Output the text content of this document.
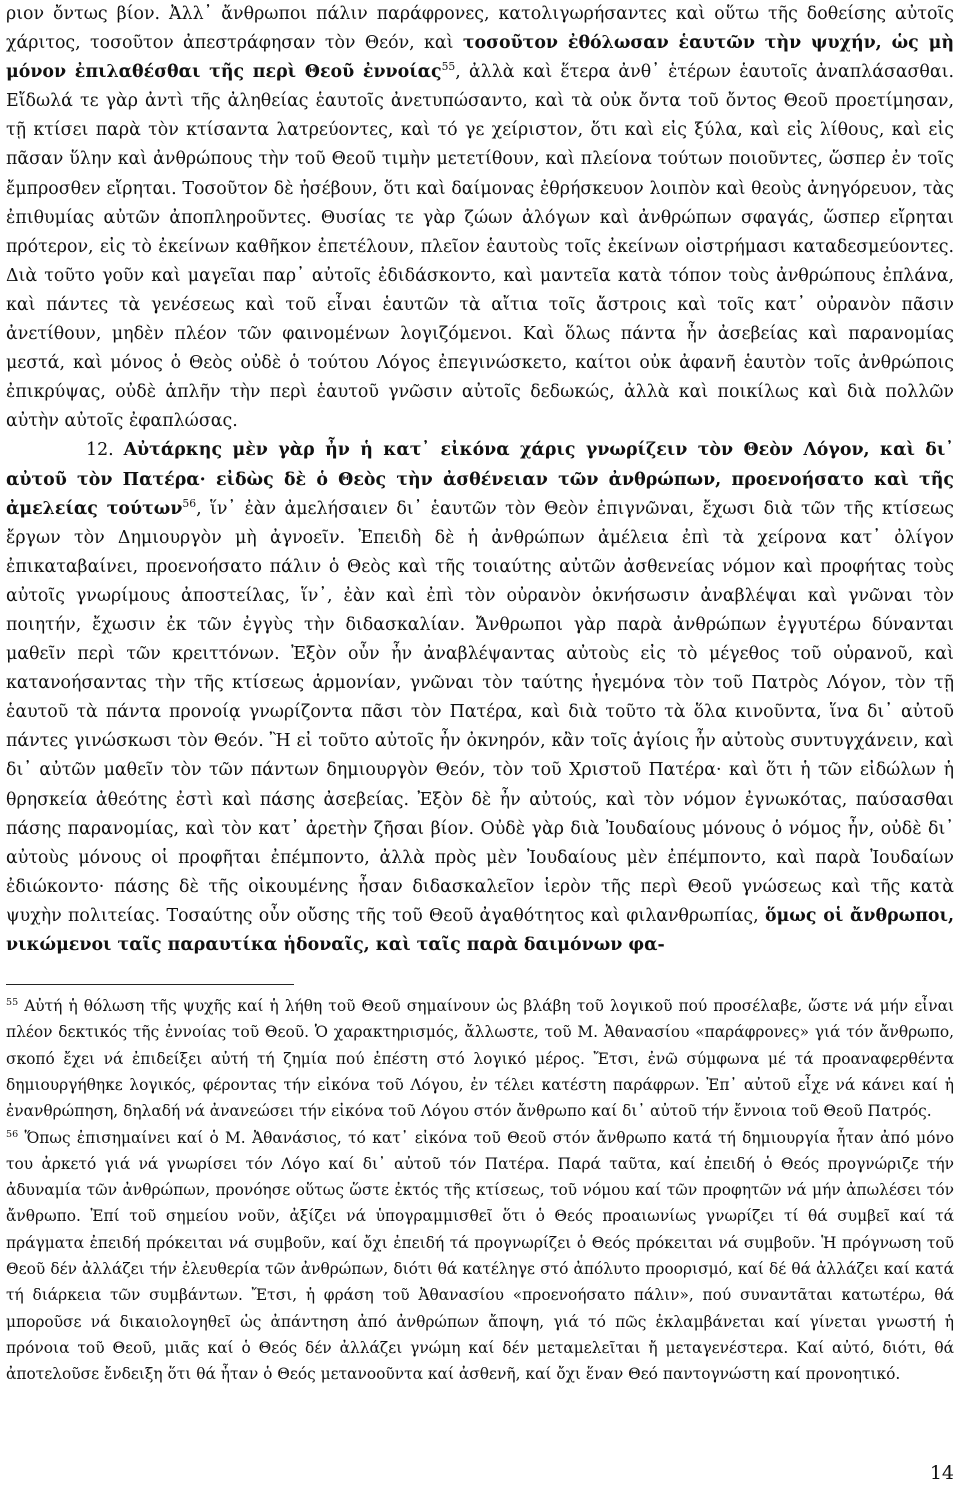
ριον ὄντως βίον. Ἀλλ᾿ ἄνθρωποι πάλιν παράφρονες, κατολιγωρήσαντες καὶ οὕτω τῆς δοθείσης αὐτοῖς χάριτος, τοσοῦτον ἀπεστράφησαν τὸν Θεόν, καὶ τοσοῦτον ἐθόλωσαν ἑαυτῶν τὴν ψυχήν, ὡς μὴ μόνον ἐπιλαθέσθαι τῆς περὶ Θεοῦ ἐννοίας$^{55}$, ἀλλὰ καὶ ἕτερα ἀνθ᾿ ἑτέρων ἑαυτοῖς ἀναπλάσασθαι. Εἴδωλά τε γὰρ ἀντὶ τῆς ἀληθείας ἑαυτοῖς ἀνετυπώσαντο, καὶ τὰ οὐκ ὄντα τοῦ ὄντος Θεοῦ προετίμησαν, τῇ κτίσει παρὰ τὸν κτίσαντα λατρεύοντες, καὶ τό γε χείριστον, ὅτι καὶ εἰς ξύλα, καὶ εἰς λίθους, καὶ εἰς πᾶσαν ὕλην καὶ ἀνθρώπους τὴν τοῦ Θεοῦ τιμὴν μετετίθουν, καὶ πλείονα τούτων ποιοῦντες, ὥσπερ ἐν τοῖς ἔμπροσθεν εἴρηται. Τοσοῦτον δὲ ἠσέβουν, ὅτι καὶ δαίμονας ἐθρήσκευον λοιπὸν καὶ θεοὺς ἀνηγόρευον, τὰς ἐπιθυμίας αὐτῶν ἀποπληροῦντες. Θυσίας τε γὰρ ζώων ἀλόγων καὶ ἀνθρώπων σφαγάς, ὥσπερ εἴρηται πρότερον, εἰς τὸ ἐκείνων καθῆκον ἐπετέλουν, πλεῖον ἑαυτοὺς τοῖς ἐκείνων οἰστρήμασι καταδεσμεύοντες. Διὰ τοῦτο γοῦν καὶ μαγεῖαι παρ᾿ αὐτοῖς ἐδιδάσκοντο, καὶ μαντεῖα κατὰ τόπον τοὺς ἀνθρώπους ἐπλάνα, καὶ πάντες τὰ γενέσεως καὶ τοῦ εἶναι ἑαυτῶν τὰ αἴτια τοῖς ἄστροις καὶ τοῖς κατ᾿ οὐρανὸν πᾶσιν ἀνετίθουν, μηδὲν πλέον τῶν φαινομένων λογιζόμενοι. Καὶ ὅλως πάντα ἦν ἀσεβείας καὶ παρανομίας μεστά, καὶ μόνος ὁ Θεὸς οὐδὲ ὁ τούτου Λόγος ἐπεγινώσκετο, καίτοι οὐκ ἀφανῆ ἑαυτὸν τοῖς ἀνθρώποις ἐπικρύψας, οὐδὲ ἁπλῆν τὴν περὶ ἑαυτοῦ γνῶσιν αὐτοῖς δεδωκώς, ἀλλὰ καὶ ποικίλως καὶ διὰ πολλῶν αὐτὴν αὐτοῖς ἐφαπλώσας.

12. Αὐτάρκης μὲν γὰρ ἦν ἡ κατ᾿ εἰκόνα χάρις γνωρίζειν τὸν Θεὸν Λόγον, καὶ δι᾿ αὐτοῦ τὸν Πατέρα· εἰδὼς δὲ ὁ Θεὸς τὴν ἀσθένειαν τῶν ἀνθρώπων, προενοήσατο καὶ τῆς ἀμελείας τούτων$^{56}$, ἵν᾿ ἐὰν ἀμελήσαιεν δι᾿ ἑαυτῶν τὸν Θεὸν ἐπιγνῶναι, ἔχωσι διὰ τῶν τῆς κτίσεως ἔργων τὸν Δημιουργὸν μὴ ἀγνοεῖν. Ἐπειδὴ δὲ ἡ ἀνθρώπων ἀμέλεια ἐπὶ τὰ χείρονα κατ᾿ ὀλίγον ἐπικαταβαίνει, προενοήσατο πάλιν ὁ Θεὸς καὶ τῆς τοιαύτης αὐτῶν ἀσθενείας νόμον καὶ προφήτας τοὺς αὐτοῖς γνωρίμους ἀποστείλας, ἵν᾿, ἐὰν καὶ ἐπὶ τὸν οὐρανὸν ὀκνήσωσιν ἀναβλέψαι καὶ γνῶναι τὸν ποιητήν, ἔχωσιν ἐκ τῶν ἐγγὺς τὴν διδασκαλίαν. Ἄνθρωποι γὰρ παρὰ ἀνθρώπων ἐγγυτέρω δύνανται μαθεῖν περὶ τῶν κρειττόνων. Ἐξὸν οὖν ἦν ἀναβλέψαντας αὐτοὺς εἰς τὸ μέγεθος τοῦ οὐρανοῦ, καὶ κατανοήσαντας τὴν τῆς κτίσεως ἁρμονίαν, γνῶναι τὸν ταύτης ἡγεμόνα τὸν τοῦ Πατρὸς Λόγον, τὸν τῇ ἑαυτοῦ τὰ πάντα προνοίᾳ γνωρίζοντα πᾶσι τὸν Πατέρα, καὶ διὰ τοῦτο τὰ ὅλα κινοῦντα, ἵνα δι᾿ αὐτοῦ πάντες γινώσκωσι τὸν Θεόν. Ἢ εἰ τοῦτο αὐτοῖς ἦν ὀκνηρόν, κἂν τοῖς ἁγίοις ἦν αὐτοὺς συντυγχάνειν, καὶ δι᾿ αὐτῶν μαθεῖν τὸν τῶν πάντων δημιουργὸν Θεόν, τὸν τοῦ Χριστοῦ Πατέρα· καὶ ὅτι ἡ τῶν εἰδώλων ἡ θρησκεία ἀθεότης ἐστὶ καὶ πάσης ἀσεβείας. Ἐξὸν δὲ ἦν αὐτούς, καὶ τὸν νόμον ἐγνωκότας, παύσασθαι πάσης παρανομίας, καὶ τὸν κατ᾿ ἀρετὴν ζῆσαι βίον. Οὐδὲ γὰρ διὰ Ἰουδαίους μόνους ὁ νόμος ἦν, οὐδὲ δι᾿ αὐτοὺς μόνους οἱ προφῆται ἐπέμποντο, ἀλλὰ πρὸς μὲν Ἰουδαίους μὲν ἐπέμποντο, καὶ παρὰ Ἰουδαίων ἐδιώκοντο· πάσης δὲ τῆς οἰκουμένης ἦσαν διδασκαλεῖον ἱερὸν τῆς περὶ Θεοῦ γνώσεως καὶ τῆς κατὰ ψυχὴν πολιτείας. Τοσαύτης οὖν οὔσης τῆς τοῦ Θεοῦ ἀγαθότητος καὶ φιλανθρωπίας, ὅμως οἱ ἄνθρωποι, νικώμενοι ταῖς παραυτίκα ἡδοναῖς, καὶ ταῖς παρὰ δαιμόνων φα-

$^{55}$ Αὐτή ἡ θόλωση τῆς ψυχῆς καί ἡ λήθη τοῦ Θεοῦ σημαίνουν ὡς βλάβη τοῦ λογικοῦ πού πρoσέλαβε, ὥστε νά μήν εἶναι πλέον δεκτικός τῆς ἐννοίας τοῦ Θεοῦ. Ὁ χαρακτηρισμός, ἄλλωστε, τοῦ Μ. Ἀθανασίου «παράφρονες» γιά τόν ἄνθρωπο, σκοπό ἔχει νά ἐπιδείξει αὐτή τή ζημία πού ἐπέστη στό λογικό μέρος. Ἔτσι, ἐνῶ σύμφωνα μέ τά προαναφερθέντα δημιουργήθηκε λογικός, φέροντας τήν εἰκόνα τοῦ Λόγου, ἐν τέλει κατέστη παράφρων. Ἐπ᾿ αὐτοῦ εἶχε νά κάνει καί ἡ ἐνανθρώπηση, δηλαδή νά ἀνανεώσει τήν εἰκόνα τοῦ Λόγου στόν ἄνθρωπο καί δι᾿ αὐτοῦ τήν ἔννοια τοῦ Θεοῦ Πατρός.

$^{56}$ Ὅπως ἐπισημαίνει καί ὁ Μ. Ἀθανάσιος, τό κατ᾿ εἰκόνα τοῦ Θεοῦ στόν ἄνθρωπο κατά τή δημιουργία ἦταν ἀπό μόνο του ἀρκετό γιά νά γνωρίσει τόν Λόγο καί δι᾿ αὐτοῦ τόν Πατέρα. Παρά ταῦτα, καί ἐπειδή ὁ Θεός προγνώριζε τήν ἀδυναμία τῶν ἀνθρώπων, πρoνόησε οὕτως ὥστε ἐκτός τῆς κτίσεως, τοῦ νόμου καί τῶν προφητῶν νά μήν ἀπωλέσει τόν ἄνθρωπο. Ἐπί τοῦ σημείου νοῦν, ἀξίζει νά ὑπογραμμισθεῖ ὅτι ὁ Θεός προαιωνίως γνωρίζει τί θά συμβεῖ καί τά πράγματα ἐπειδή πρόκειται νά συμβοῦν, καί ὄχι ἐπειδή τά προγνωρίζει ὁ Θεός πρόκειται νά συμβοῦν. Ἡ πρόγνωση τοῦ Θεοῦ δέν ἀλλάζει τήν ἐλευθερία τῶν ἀνθρώπων, διότι θά κατέληγε στό ἀπόλυτο προορισμό, καί δέ θά ἀλλάζει καί κατά τή διάρκεια τῶν συμβάντων. Ἔτσι, ἡ φράση τοῦ Ἀθανασίου «προενοήσατο πάλιν», πού συναντᾶται κατωτέρω, θά μποροῦσε νά δικαιολογηθεῖ ὡς ἀπάντηση ἀπό ἀνθρώπων ἄποψη, γιά τό πῶς ἐκλαμβάνεται καί γίνεται γνωστή ἡ πρόνοια τοῦ Θεοῦ, μιᾶς καί ὁ Θεός δέν ἀλλάζει γνώμη καί δέν μεταμελεῖται ἤ μεταγενέστερα. Καί αὐτό, διότι, θά ἀποτελοῦσε ἔνδειξη ὅτι θά ἦταν ὁ Θεός μετανοοῦντα καί ἀσθενῆ, καί ὄχι ἕναν Θεό παντογνώστη καί προνοητικό.

14
